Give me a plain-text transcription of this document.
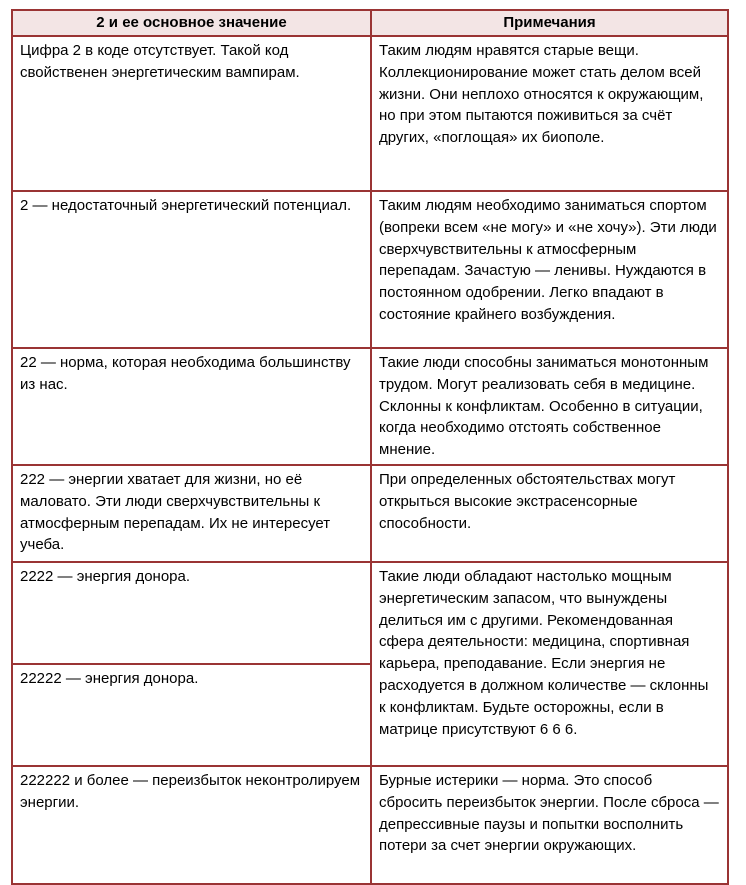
2 и ее основное значение	Примечания
Цифра 2 в коде отсутствует. Такой код свойственен энергетическим вампирам.	Таким людям нравятся старые вещи. Коллекционирование может стать делом всей жизни. Они неплохо относятся к окружающим, но при этом пытаются поживиться за счёт других, «поглощая» их биополе.
2 — недостаточный энергетический потенциал.	Таким людям необходимо заниматься спортом (вопреки всем «не могу» и «не хочу»). Эти люди сверхчувствительны к атмосферным перепадам. Зачастую — ленивы. Нуждаются в постоянном одобрении. Легко впадают в состояние крайнего возбуждения.
22 — норма, которая необходима большинству из нас.	Такие люди способны заниматься монотонным трудом. Могут реализовать себя в медицине. Склонны к конфликтам. Особенно в ситуации, когда необходимо отстоять собственное мнение.
222 — энергии хватает для жизни, но её маловато. Эти люди сверхчувствительны к атмосферным перепадам. Их не интересует учеба.	При определенных обстоятельствах могут открыться высокие экстрасенсорные способности.
2222 — энергия донора.	Такие люди обладают настолько мощным энергетическим запасом, что вынуждены делиться им с другими. Рекомендованная сфера деятельности: медицина, спортивная карьера, преподавание. Если энергия не расходуется в должном количестве — склонны к конфликтам. Будьте осторожны, если в матрице присутствуют 6 6 6.
22222 — энергия донора.	
222222 и более — переизбыток неконтролируем энергии.	Бурные истерики — норма. Это способ сбросить переизбыток энергии. После сброса — депрессивные паузы и попытки восполнить потери за счет энергии окружающих.
